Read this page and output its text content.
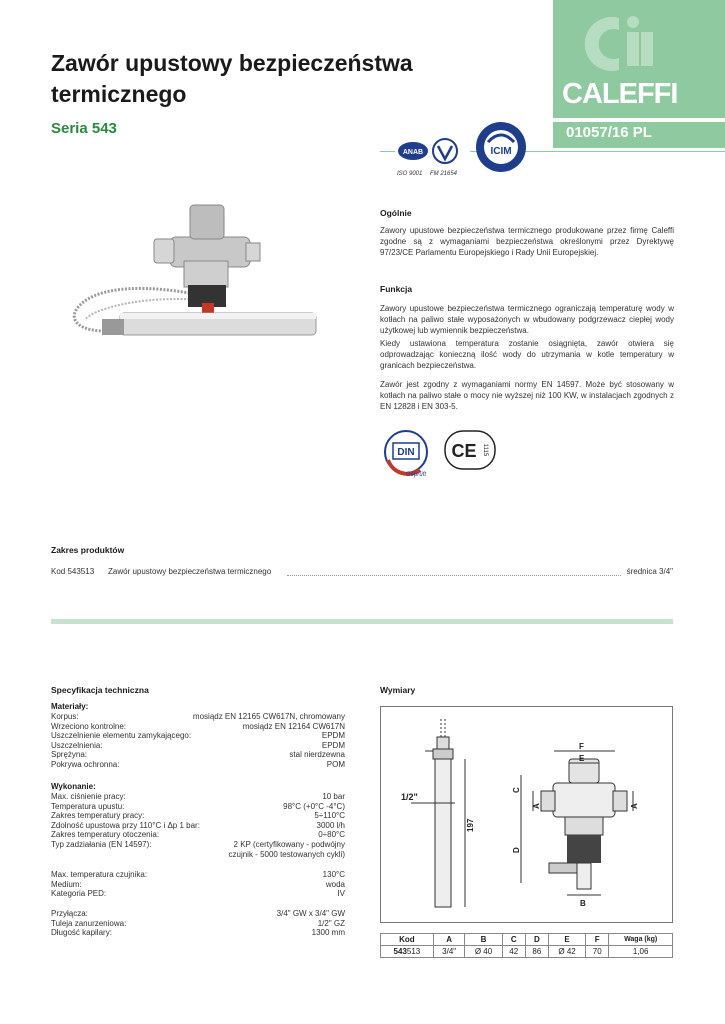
Zawór upustowy bezpieczeństwa
termicznego
Seria 543
CALEFFI
01057/16 PL
ANAB
ISO 9001 FM 21654
ICIM
Ogólnie
Zawory upustowe bezpieczeństwa termicznego produkowane przez firmę Caleffi zgodne są z wymaganiami bezpieczeństwa określonymi przez Dyrektywę 97/23/CE Parlamentu Europejskiego i Rady Unii Europejskiej.
Funkcja
Zawory upustowe bezpieczeństwa termicznego ograniczają temperaturę wody w kotłach na paliwo stałe wyposażonych w wbudowany podgrzewacz ciepłej wody użytkowej lub wymiennik bezpieczeństwa.
Kiedy ustawiona temperatura zostanie osiągnięta, zawór otwiera się odprowadzając konieczną ilość wody do utrzymania w kotle temperatury w granicach bezpieczeństwa.
Zawór jest zgodny z wymaganiami normy EN 14597. Może być stosowany w kotłach na paliwo stałe o mocy nie wyższej niż 100 KW, w instalacjach zgodnych z EN 12828 i EN 303-5.
DIN
Geprüft
CE 1115
Zakres produktów
Kod 543513 Zawór upustowy bezpieczeństwa termicznego	średnica 3/4"
Specyfikacja techniczna
Materiały:
Korpus:	mosiądz EN 12165 CW617N, chromowany
Wrzeciono kontrolne:	mosiądz EN 12164 CW617N
Uszczelnienie elementu zamykającego:	EPDM
Uszczelnienia:	EPDM
Sprężyna:	stal nierdzewna
Pokrywa ochronna:	POM
Wykonanie:
Max. ciśnienie pracy:	10 bar
Temperatura upustu:	98°C (+0°C -4°C)
Zakres temperatury pracy:	5÷110°C
Zdolność upustowa przy 110°C i Δp 1 bar:	3000 l/h
Zakres temperatury otoczenia:	0÷80°C
Typ zadziałania (EN 14597):	2 KP (certyfikowany - podwójny
czujnik - 5000 testowanych cykli)
Max. temperatura czujnika:	130°C
Medium:	woda
Kategoria PED:	IV
Przyłącza:	3/4" GW x 3/4" GW
Tuleja zanurzeniowa:	1/2" GZ
Długość kapilary:	1300 mm
Wymiary
1/2"
197
F
E
C
D
A	A
B
Kod	A	B	C	D	E	F	Waga (kg)
543513	3/4"	Ø 40	42	86	Ø 42	70	1,06
